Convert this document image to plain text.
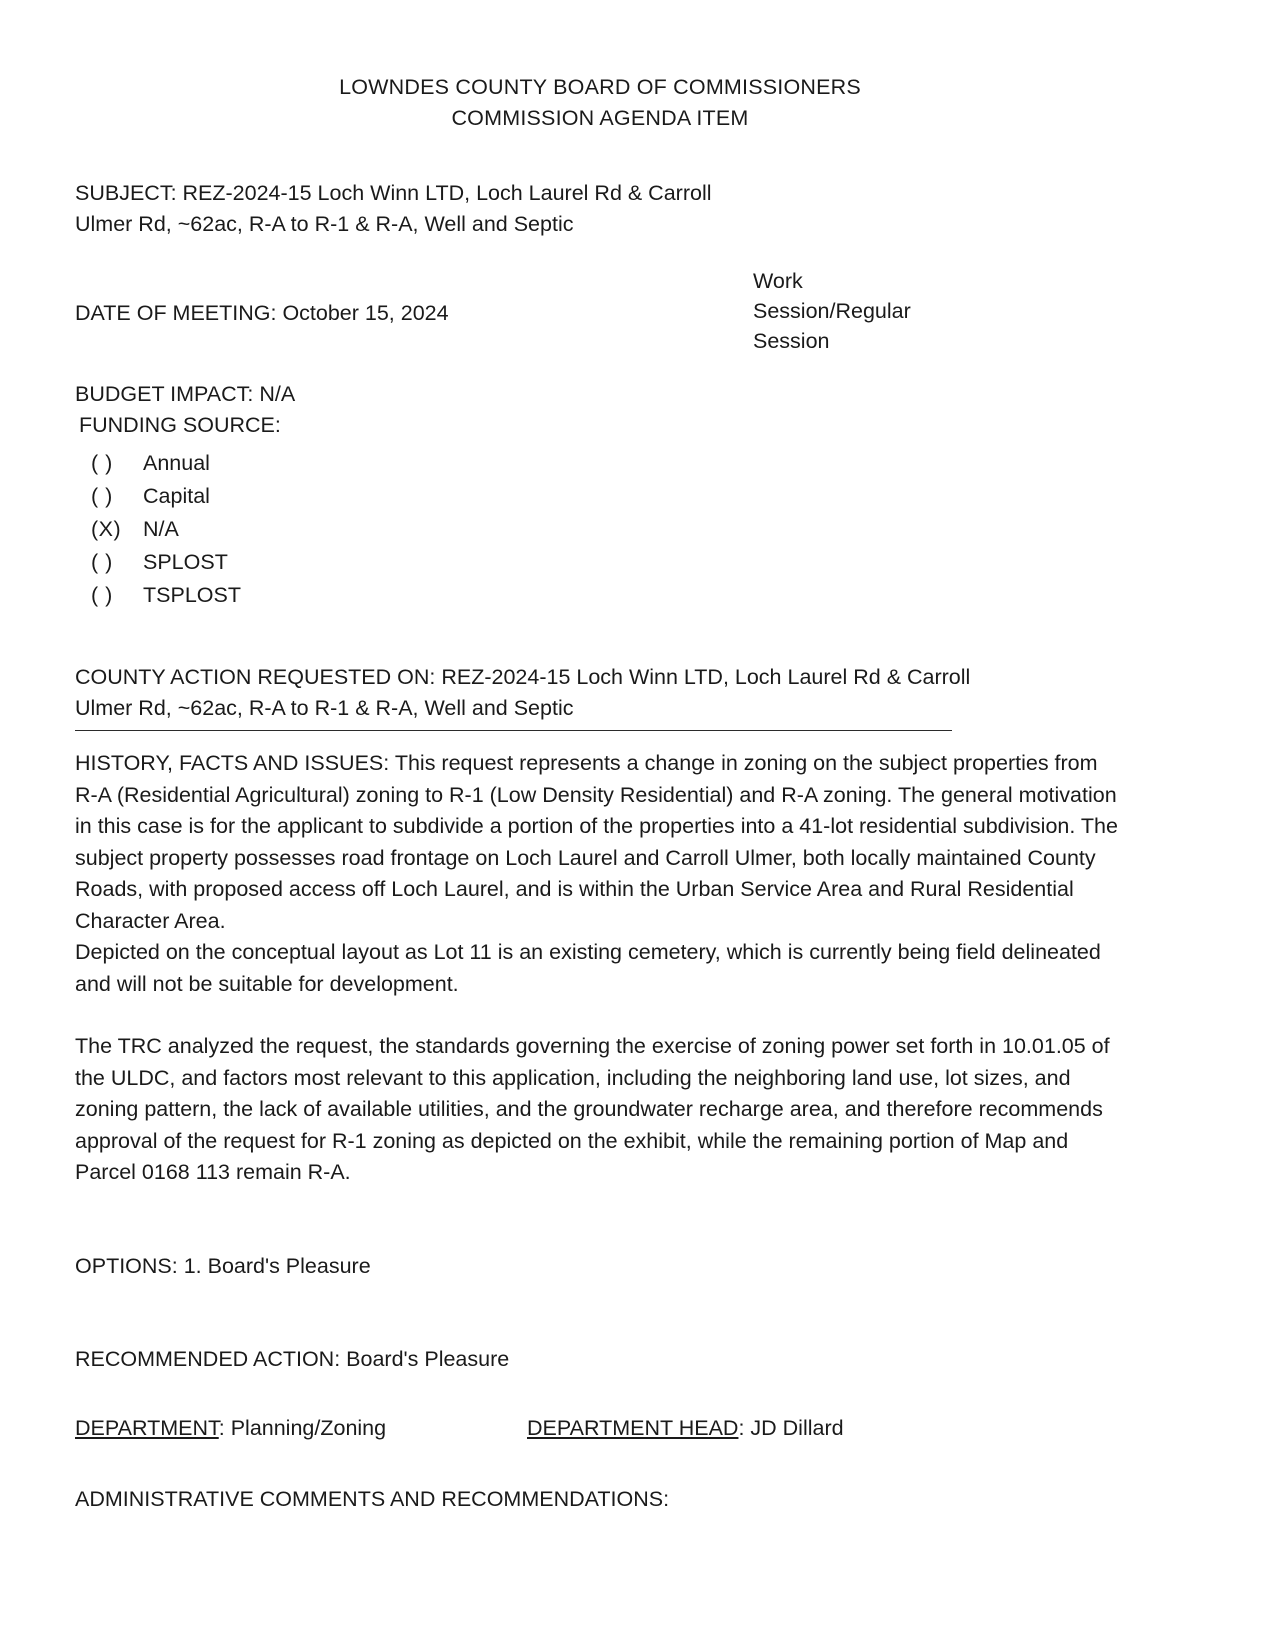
LOWNDES COUNTY BOARD OF COMMISSIONERS
COMMISSION AGENDA ITEM
SUBJECT: REZ-2024-15 Loch Winn LTD, Loch Laurel Rd & Carroll
Ulmer Rd, ~62ac, R-A to R-1 & R-A, Well and Septic
DATE OF MEETING: October 15, 2024
Work
Session/Regular
Session
BUDGET IMPACT: N/A
FUNDING SOURCE:
( )	Annual
( )	Capital
(X)	N/A
( )	SPLOST
( )	TSPLOST
COUNTY ACTION REQUESTED ON: REZ-2024-15 Loch Winn LTD, Loch Laurel Rd & Carroll
Ulmer Rd, ~62ac, R-A to R-1 & R-A, Well and Septic

HISTORY, FACTS AND ISSUES: This request represents a change in zoning on the subject properties from R-A (Residential Agricultural) zoning to R-1 (Low Density Residential) and R-A zoning. The general motivation in this case is for the applicant to subdivide a portion of the properties into a 41-lot residential subdivision. The subject property possesses road frontage on Loch Laurel and Carroll Ulmer, both locally maintained County Roads, with proposed access off Loch Laurel, and is within the Urban Service Area and Rural Residential Character Area.

Depicted on the conceptual layout as Lot 11 is an existing cemetery, which is currently being field delineated and will not be suitable for development.

The TRC analyzed the request, the standards governing the exercise of zoning power set forth in 10.01.05 of the ULDC, and factors most relevant to this application, including the neighboring land use, lot sizes, and zoning pattern, the lack of available utilities, and the groundwater recharge area, and therefore recommends approval of the request for R-1 zoning as depicted on the exhibit, while the remaining portion of Map and Parcel 0168 113 remain R-A.

OPTIONS: 1. Board's Pleasure
RECOMMENDED ACTION: Board's Pleasure
DEPARTMENT: Planning/Zoning	DEPARTMENT HEAD: JD Dillard
ADMINISTRATIVE COMMENTS AND RECOMMENDATIONS:
